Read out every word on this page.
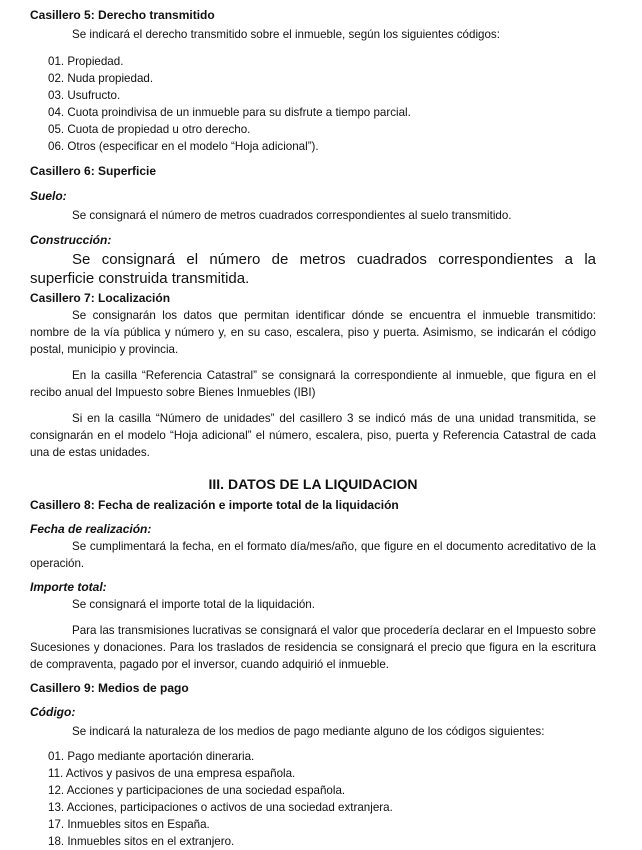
Casillero 5: Derecho transmitido

Se indicará el derecho transmitido sobre el inmueble, según los siguientes códigos:

01. Propiedad.
02. Nuda propiedad.
03. Usufructo.
04. Cuota proindivisa de un inmueble para su disfrute a tiempo parcial.
05. Cuota de propiedad u otro derecho.
06. Otros (especificar en el modelo “Hoja adicional”).

Casillero 6: Superficie

Suelo:

Se consignará el número de metros cuadrados correspondientes al suelo transmitido.

Construcción:

Se consignará el número de metros cuadrados correspondientes a la superficie construida transmitida.

Casillero 7: Localización

Se consignarán los datos que permitan identificar dónde se encuentra el inmueble transmitido: nombre de la vía pública y número y, en su caso, escalera, piso y puerta. Asimismo, se indicarán el código postal, municipio y provincia.

En la casilla “Referencia Catastral” se consignará la correspondiente al inmueble, que figura en el recibo anual del Impuesto sobre Bienes Inmuebles (IBI)

Si en la casilla “Número de unidades” del casillero 3 se indicó más de una unidad transmitida, se consignarán en el modelo “Hoja adicional” el número, escalera, piso, puerta y Referencia Catastral de cada una de estas unidades.

III. DATOS DE LA LIQUIDACION

Casillero 8: Fecha de realización e importe total de la liquidación

Fecha de realización:

Se cumplimentará la fecha, en el formato día/mes/año, que figure en el documento acreditativo de la operación.

Importe total:

Se consignará el importe total de la liquidación.

Para las transmisiones lucrativas se consignará el valor que procedería declarar en el Impuesto sobre Sucesiones y donaciones. Para los traslados de residencia se consignará el precio que figura en la escritura de compraventa, pagado por el inversor, cuando adquirió el inmueble.

Casillero 9: Medios de pago

Código:

Se indicará la naturaleza de los medios de pago mediante alguno de los códigos siguientes:

01. Pago mediante aportación dineraria.
11. Activos y pasivos de una empresa española.
12. Acciones y participaciones de una sociedad española.
13. Acciones, participaciones o activos de una sociedad extranjera.
17. Inmuebles sitos en España.
18. Inmuebles sitos en el extranjero.
